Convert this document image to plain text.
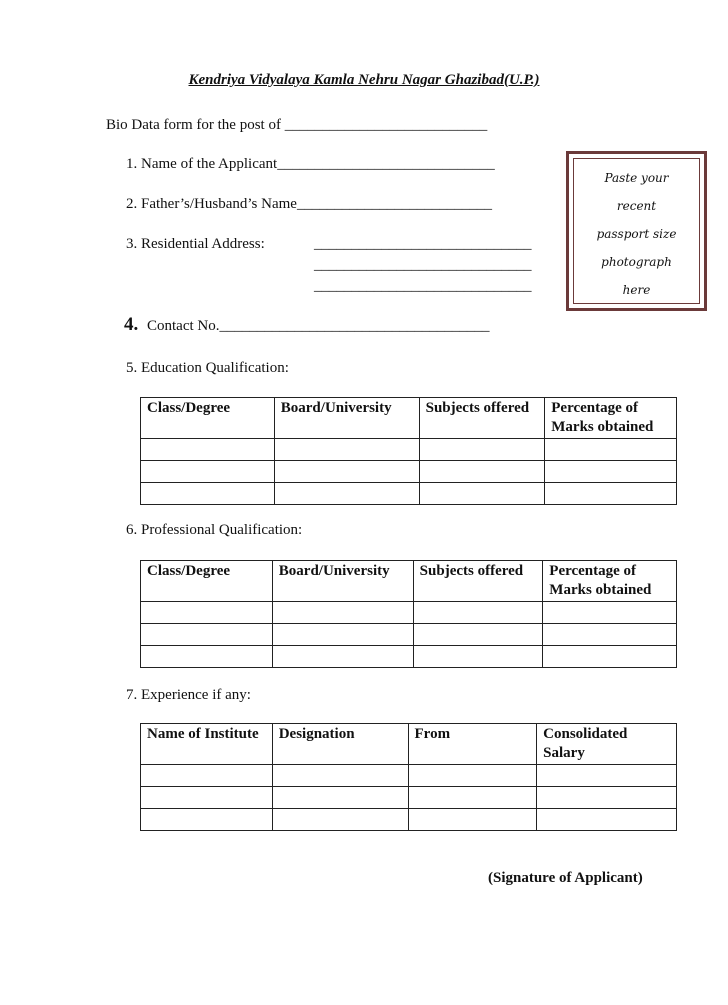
Kendriya Vidyalaya Kamla Nehru Nagar Ghazibad(U.P.)
Bio Data form for the post of ___________________________
1. Name of the Applicant_____________________________
2. Father’s/Husband’s Name__________________________
3. Residential Address:	_____________________________
_____________________________
_____________________________
4. Contact No.____________________________________
5. Education Qualification:
Paste your
recent
passport size
photograph
here
Class/Degree	Board/University	Subjects offered	Percentage of Marks obtained

6. Professional Qualification:
Class/Degree	Board/University	Subjects offered	Percentage of Marks obtained

7. Experience if any:
Name of Institute	Designation	From	Consolidated Salary

(Signature of Applicant)
